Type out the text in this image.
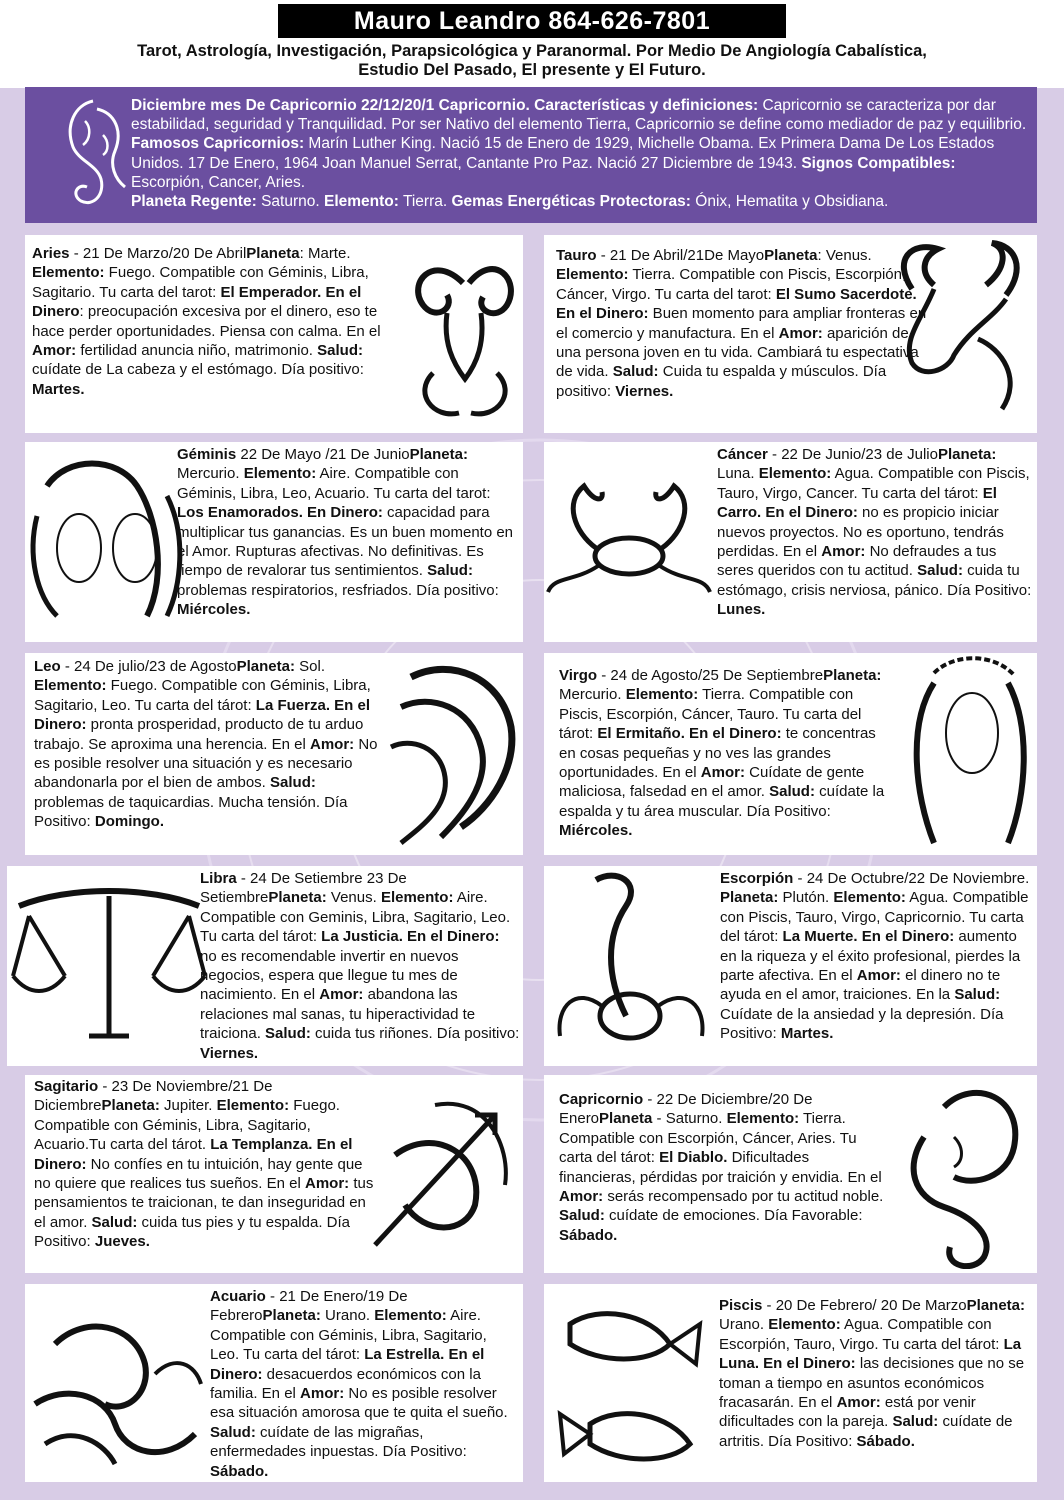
Mauro Leandro 864-626-7801
Tarot, Astrología, Investigación, Parapsicológica y Paranormal. Por Medio De Angiología Cabalística,
Estudio Del Pasado, El presente y El Futuro.
Diciembre mes De Capricornio 22/12/20/1 Capricornio. Características y definiciones: Capricornio se caracteriza por dar estabilidad, seguridad y Tranquilidad. Por ser Nativo del elemento Tierra, Capricornio se define como mediador de paz y equilibrio. Famosos Capricornios: Marín Luther King. Nació 15 de Enero de 1929, Michelle Obama. Ex Primera Dama De Los Estados Unidos. 17 De Enero, 1964 Joan Manuel Serrat, Cantante Pro Paz. Nació 27 Diciembre de 1943. Signos Compatibles: Escorpión, Cancer, Aries.
Planeta Regente: Saturno. Elemento: Tierra. Gemas Energéticas Protectoras: Ónix, Hematita y Obsidiana.
Aries - 21 De Marzo/20 De AbrilPlaneta: Marte. Elemento: Fuego. Compatible con Géminis, Libra, Sagitario. Tu carta del tarot: El Emperador. En el Dinero: preocupación excesiva por el dinero, eso te hace perder oportunidades. Piensa con calma. En el Amor: fertilidad anuncia niño, matrimonio. Salud: cuídate de La cabeza y el estómago. Día positivo: Martes.
Tauro - 21 De Abril/21De MayoPlaneta: Venus. Elemento: Tierra. Compatible con Piscis, Escorpión, Cáncer, Virgo. Tu carta del tarot: El Sumo Sacerdote. En el Dinero: Buen momento para ampliar fronteras en el comercio y manufactura. En el Amor: aparición de una persona joven en tu vida. Cambiará tu espectativa de vida. Salud: Cuida tu espalda y músculos. Día positivo: Viernes.
Géminis 22 De Mayo /21 De JunioPlaneta: Mercurio. Elemento: Aire. Compatible con Géminis, Libra, Leo, Acuario. Tu carta del tarot: Los Enamorados. En Dinero: capacidad para multiplicar tus ganancias. Es un buen momento en el Amor. Rupturas afectivas. No definitivas. Es tiempo de revalorar tus sentimientos. Salud: problemas respiratorios, resfriados. Día positivo: Miércoles.
Cáncer - 22 De Junio/23 de JulioPlaneta: Luna. Elemento: Agua. Compatible con Piscis, Tauro, Virgo, Cancer. Tu carta del tárot: El Carro. En el Dinero: no es propicio iniciar nuevos proyectos. No es oportuno, tendrás perdidas. En el Amor: No defraudes a tus seres queridos con tu actitud. Salud: cuida tu estómago, crisis nerviosa, pánico. Día Positivo: Lunes.
Leo - 24 De julio/23 de AgostoPlaneta: Sol. Elemento: Fuego. Compatible con Géminis, Libra, Sagitario, Leo. Tu carta del tárot: La Fuerza. En el Dinero: pronta prosperidad, producto de tu arduo trabajo. Se aproxima una herencia. En el Amor: No es posible resolver una situación y es necesario abandonarla por el bien de ambos. Salud: problemas de taquicardias. Mucha tensión. Día Positivo: Domingo.
Virgo - 24 de Agosto/25 De SeptiembrePlaneta: Mercurio. Elemento: Tierra. Compatible con Piscis, Escorpión, Cáncer, Tauro. Tu carta del tárot: El Ermitaño. En el Dinero: te concentras en cosas pequeñas y no ves las grandes oportunidades. En el Amor: Cuídate de gente maliciosa, falsedad en el amor. Salud: cuídate la espalda y tu área muscular. Día Positivo: Miércoles.
Libra - 24 De Setiembre 23 De SetiembrePlaneta: Venus. Elemento: Aire. Compatible con Geminis, Libra, Sagitario, Leo. Tu carta del tárot: La Justicia. En el Dinero: no es recomendable invertir en nuevos negocios, espera que llegue tu mes de nacimiento. En el Amor: abandona las relaciones mal sanas, tu hiperactividad te traiciona. Salud: cuida tus riñones. Día positivo: Viernes.
Escorpión - 24 De Octubre/22 De Noviembre. Planeta: Plutón. Elemento: Agua. Compatible con Piscis, Tauro, Virgo, Capricornio. Tu carta del tárot: La Muerte. En el Dinero: aumento en la riqueza y el éxito profesional, pierdes la parte afectiva. En el Amor: el dinero no te ayuda en el amor, traiciones. En la Salud: Cuídate de la ansiedad y la depresión. Día Positivo: Martes.
Sagitario - 23 De Noviembre/21 De DiciembrePlaneta: Jupiter. Elemento: Fuego. Compatible con Géminis, Libra, Sagitario, Acuario.Tu carta del tárot. La Templanza. En el Dinero: No confíes en tu intuición, hay gente que no quiere que realices tus sueños. En el Amor: tus pensamientos te traicionan, te dan inseguridad en el amor. Salud: cuida tus pies y tu espalda. Día Positivo: Jueves.
Capricornio - 22 De Diciembre/20 De EneroPlaneta - Saturno. Elemento: Tierra. Compatible con Escorpión, Cáncer, Aries. Tu carta del tárot: El Diablo. Dificultades financieras, pérdidas por traición y envidia. En el Amor: serás recompensado por tu actitud noble. Salud: cuídate de emociones. Día Favorable: Sábado.
Acuario - 21 De Enero/19 De FebreroPlaneta: Urano. Elemento: Aire. Compatible con Géminis, Libra, Sagitario, Leo. Tu carta del tárot: La Estrella. En el Dinero: desacuerdos económicos con la familia. En el Amor: No es posible resolver esa situación amorosa que te quita el sueño. Salud: cuídate de las migrañas, enfermedades inpuestas. Día Positivo: Sábado.
Piscis - 20 De Febrero/ 20 De MarzoPlaneta: Urano. Elemento: Agua. Compatible con Escorpión, Tauro, Virgo. Tu carta del tárot: La Luna. En el Dinero: las decisiones que no se toman a tiempo en asuntos económicos fracasarán. En el Amor: está por venir dificultades con la pareja. Salud: cuídate de artritis. Día Positivo: Sábado.
